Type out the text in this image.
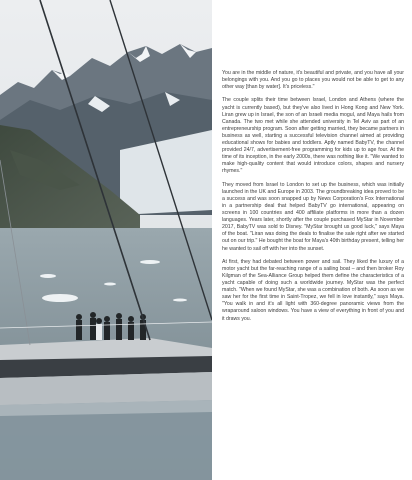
You are in the middle of nature, it's beautiful and private, and you have all your belongings with you. And you go to places you would not be able to get to any other way [than by water]. It's priceless."

The couple splits their time between Israel, London and Athens (where the yacht is currently based), but they've also lived in Hong Kong and New York. Liran grew up in Israel, the son of an Israeli media mogul, and Maya hails from Canada. The two met while she attended university in Tel Aviv as part of an entrepreneurship program. Soon after getting married, they became partners in business as well, starting a successful television channel aimed at providing educational shows for babies and toddlers. Aptly named BabyTV, the channel provided 24/7, advertisement-free programming for kids up to age four. At the time of its inception, in the early 2000s, there was nothing like it. "We wanted to make high-quality content that would introduce colors, shapes and nursery rhymes."

They moved from Israel to London to set up the business, which was initially launched in the UK and Europe in 2003. The groundbreaking idea proved to be a success and was soon snapped up by News Corporation's Fox International in a partnership deal that helped BabyTV go international, appearing on screens in 100 countries and 400 affiliate platforms in more than a dozen languages. Years later, shortly after the couple purchased MyStar in November 2017, BabyTV was sold to Disney. "MyStar brought us good luck," says Maya of the boat. "Liran was doing the deals to finalise the sale right after we started out on our trip." He bought the boat for Maya's 40th birthday present, telling her he wanted to sail off with her into the sunset.

At first, they had debated between power and sail. They liked the luxury of a motor yacht but the far-reaching range of a sailing boat – and then broker Roy Kilgman of the Sea-Alliance Group helped them define the characteristics of a yacht capable of doing such a worldwide journey. MyStar was the perfect match. "When we found MyStar, she was a combination of both. As soon as we saw her for the first time in Saint-Tropez, we fell in love instantly," says Maya. "You walk in and it's all light with 360-degree panoramic views from the wraparound saloon windows. You have a view of everything in front of you and it draws you.
